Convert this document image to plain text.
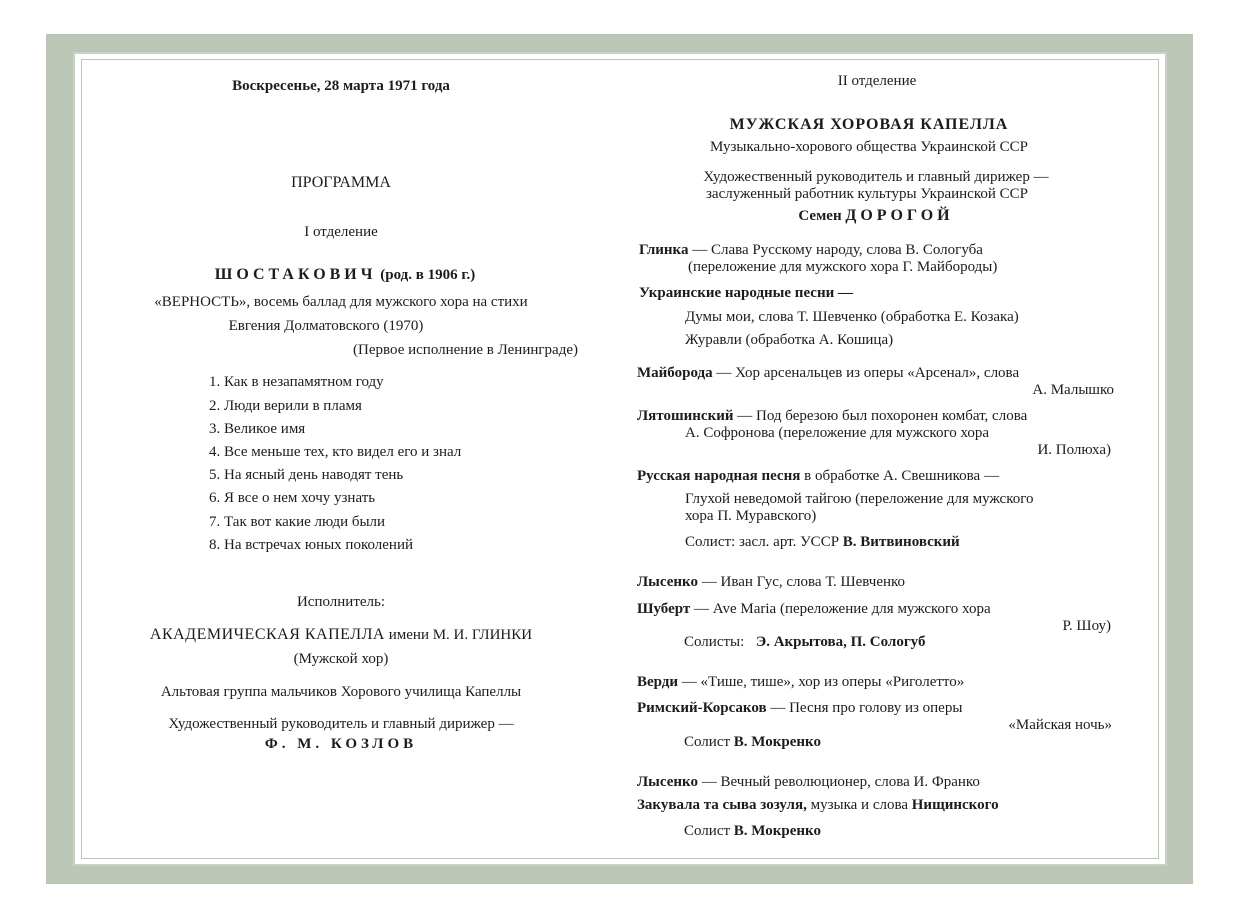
Воскресенье, 28 марта 1971 года
ПРОГРАММА
I отделение
ШОСТАКОВИЧ (род. в 1906 г.)
«ВЕРНОСТЬ», восемь баллад для мужского хора на стихи
Евгения Долматовского (1970)
(Первое исполнение в Ленинграде)
1. Как в незапамятном году
2. Люди верили в пламя
3. Великое имя
4. Все меньше тех, кто видел его и знал
5. На ясный день наводят тень
6. Я все о нем хочу узнать
7. Так вот какие люди были
8. На встречах юных поколений
Исполнитель:
АКАДЕМИЧЕСКАЯ КАПЕЛЛА имени М. И. ГЛИНКИ
(Мужской хор)
Альтовая группа мальчиков Хорового училища Капеллы
Художественный руководитель и главный дирижер —
Ф. М. КОЗЛОВ
II отделение
МУЖСКАЯ ХОРОВАЯ КАПЕЛЛА
Музыкально-хорового общества Украинской ССР
Художественный руководитель и главный дирижер —
заслуженный работник культуры Украинской ССР
Семен ДОРОГОЙ
Глинка — Слава Русскому народу, слова В. Сологуба
(переложение для мужского хора Г. Майбороды)
Украинские народные песни —
Думы мои, слова Т. Шевченко (обработка Е. Козака)
Журавли (обработка А. Кошица)
Майборода — Хор арсенальцев из оперы «Арсенал», слова
А. Малышко
Лятошинский — Под березою был похоронен комбат, слова
А. Софронова (переложение для мужского хора
И. Полюха)
Русская народная песня в обработке А. Свешникова —
Глухой неведомой тайгою (переложение для мужского
хора П. Муравского)
Солист: засл. арт. УССР В. Витвиновский
Лысенко — Иван Гус, слова Т. Шевченко
Шуберт — Ave Maria (переложение для мужского хора
Р. Шоу)
Солисты: Э. Акрытова, П. Сологуб
Верди — «Тише, тише», хор из оперы «Риголетто»
Римский-Корсаков — Песня про голову из оперы
«Майская ночь»
Солист В. Мокренко
Лысенко — Вечный революционер, слова И. Франко
Закувала та сыва зозуля, музыка и слова Нищинского
Солист В. Мокренко
